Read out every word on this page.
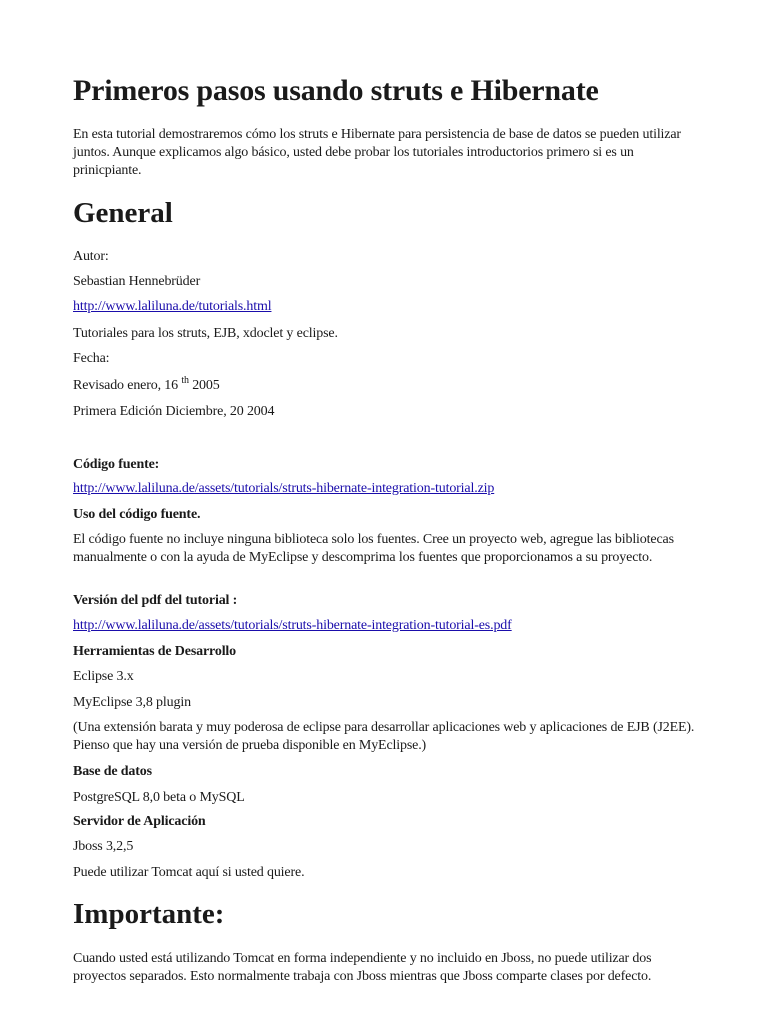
Primeros pasos usando struts e Hibernate

En esta tutorial demostraremos cómo los struts e Hibernate para persistencia de base de datos se pueden utilizar juntos. Aunque explicamos algo básico, usted debe probar los tutoriales introductorios primero si es un prinicpiante.

General

Autor:

Sebastian Hennebrüder

http://www.laliluna.de/tutorials.html

Tutoriales para los struts, EJB, xdoclet y eclipse.

Fecha:

Revisado enero, 16 $^{th}$ 2005

Primera Edición Diciembre, 20 2004

Código fuente:

http://www.laliluna.de/assets/tutorials/struts-hibernate-integration-tutorial.zip

Uso del código fuente.

El código fuente no incluye ninguna biblioteca solo los fuentes. Cree un proyecto web, agregue las bibliotecas manualmente o con la ayuda de MyEclipse y descomprima los fuentes que proporcionamos a su proyecto.

Versión del pdf del tutorial :

http://www.laliluna.de/assets/tutorials/struts-hibernate-integration-tutorial-es.pdf

Herramientas de Desarrollo

Eclipse 3.x

MyEclipse 3,8 plugin

(Una extensión barata y muy poderosa de eclipse para desarrollar aplicaciones web y aplicaciones de EJB (J2EE). Pienso que hay una versión de prueba disponible en MyEclipse.)

Base de datos

PostgreSQL 8,0 beta o MySQL

Servidor de Aplicación

Jboss 3,2,5

Puede utilizar Tomcat aquí si usted quiere.

Importante:

Cuando usted está utilizando Tomcat en forma independiente y no incluido en Jboss, no puede utilizar dos proyectos separados. Esto normalmente trabaja con Jboss mientras que Jboss comparte clases por defecto.
